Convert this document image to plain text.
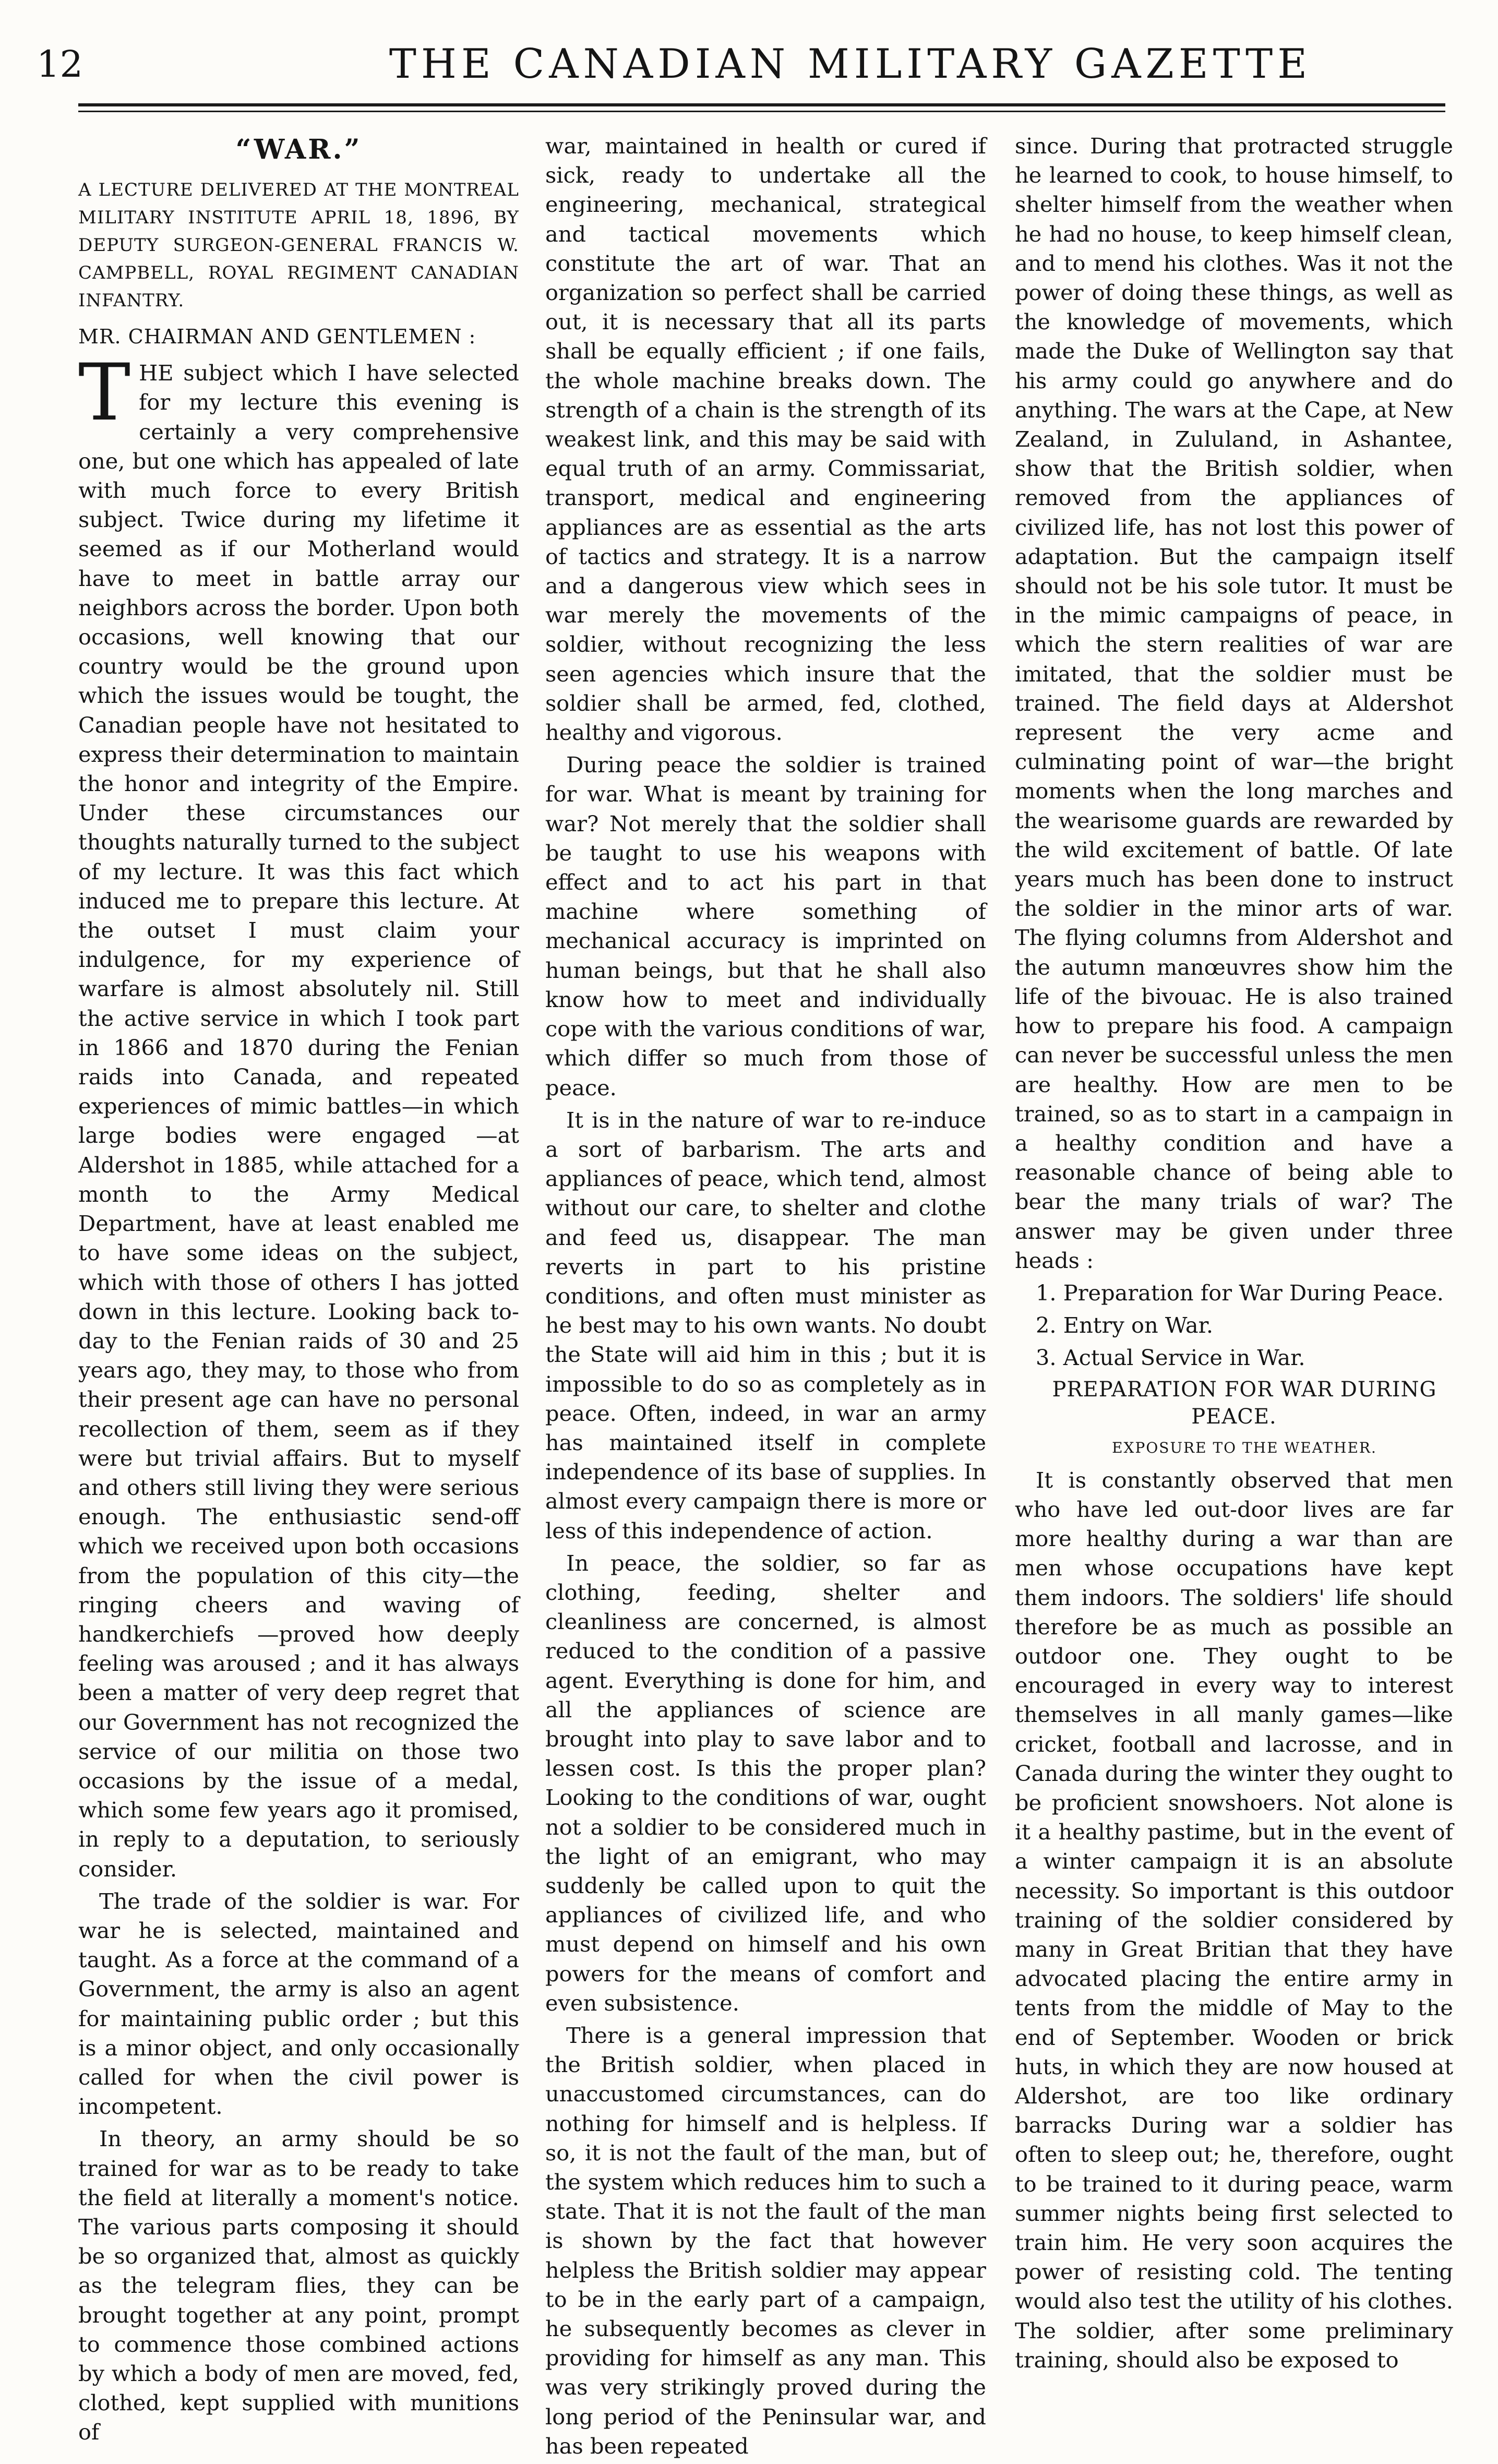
12	THE CANADIAN MILITARY GAZETTE
“WAR.”

A LECTURE DELIVERED AT THE MONTREAL MILITARY INSTITUTE APRIL 18, 1896, BY DEPUTY SURGEON-GENERAL FRANCIS W. CAMPBELL, ROYAL REGIMENT CANADIAN INFANTRY.

MR. CHAIRMAN AND GENTLEMEN :

THE subject which I have selected for my lecture this evening is certainly a very comprehensive one, but one which has appealed of late with much force to every British subject. Twice during my lifetime it seemed as if our Motherland would have to meet in battle array our neighbors across the border. Upon both occasions, well knowing that our country would be the ground upon which the issues would be tought, the Canadian people have not hesitated to express their determination to maintain the honor and integrity of the Empire. Under these circumstances our thoughts naturally turned to the subject of my lecture. It was this fact which induced me to prepare this lecture. At the outset I must claim your indulgence, for my experience of warfare is almost absolutely nil. Still the active service in which I took part in 1866 and 1870 during the Fenian raids into Canada, and repeated experiences of mimic battles—in which large bodies were engaged —at Aldershot in 1885, while attached for a month to the Army Medical Department, have at least enabled me to have some ideas on the subject, which with those of others I has jotted down in this lecture. Looking back to-day to the Fenian raids of 30 and 25 years ago, they may, to those who from their present age can have no personal recollection of them, seem as if they were but trivial affairs. But to myself and others still living they were serious enough. The enthusiastic send-off which we received upon both occasions from the population of this city—the ringing cheers and waving of handkerchiefs —proved how deeply feeling was aroused ; and it has always been a matter of very deep regret that our Government has not recognized the service of our militia on those two occasions by the issue of a medal, which some few years ago it promised, in reply to a deputation, to seriously consider.

The trade of the soldier is war. For war he is selected, maintained and taught. As a force at the command of a Government, the army is also an agent for maintaining public order ; but this is a minor object, and only occasionally called for when the civil power is incompetent.

In theory, an army should be so trained for war as to be ready to take the field at literally a moment's notice. The various parts composing it should be so organized that, almost as quickly as the telegram flies, they can be brought together at any point, prompt to commence those combined actions by which a body of men are moved, fed, clothed, kept supplied with munitions of

war, maintained in health or cured if sick, ready to undertake all the engineering, mechanical, strategical and tactical movements which constitute the art of war. That an organization so perfect shall be carried out, it is necessary that all its parts shall be equally efficient ; if one fails, the whole machine breaks down. The strength of a chain is the strength of its weakest link, and this may be said with equal truth of an army. Commissariat, transport, medical and engineering appliances are as essential as the arts of tactics and strategy. It is a narrow and a dangerous view which sees in war merely the movements of the soldier, without recognizing the less seen agencies which insure that the soldier shall be armed, fed, clothed, healthy and vigorous.

During peace the soldier is trained for war. What is meant by training for war? Not merely that the soldier shall be taught to use his weapons with effect and to act his part in that machine where something of mechanical accuracy is imprinted on human beings, but that he shall also know how to meet and individually cope with the various conditions of war, which differ so much from those of peace.

It is in the nature of war to re-induce a sort of barbarism. The arts and appliances of peace, which tend, almost without our care, to shelter and clothe and feed us, disappear. The man reverts in part to his pristine conditions, and often must minister as he best may to his own wants. No doubt the State will aid him in this ; but it is impossible to do so as completely as in peace. Often, indeed, in war an army has maintained itself in complete independence of its base of supplies. In almost every campaign there is more or less of this independence of action.

In peace, the soldier, so far as clothing, feeding, shelter and cleanliness are concerned, is almost reduced to the condition of a passive agent. Everything is done for him, and all the appliances of science are brought into play to save labor and to lessen cost. Is this the proper plan? Looking to the conditions of war, ought not a soldier to be considered much in the light of an emigrant, who may suddenly be called upon to quit the appliances of civilized life, and who must depend on himself and his own powers for the means of comfort and even subsistence.

There is a general impression that the British soldier, when placed in unaccustomed circumstances, can do nothing for himself and is helpless. If so, it is not the fault of the man, but of the system which reduces him to such a state. That it is not the fault of the man is shown by the fact that however helpless the British soldier may appear to be in the early part of a campaign, he subsequently becomes as clever in providing for himself as any man. This was very strikingly proved during the long period of the Peninsular war, and has been repeated

since. During that protracted struggle he learned to cook, to house himself, to shelter himself from the weather when he had no house, to keep himself clean, and to mend his clothes. Was it not the power of doing these things, as well as the knowledge of movements, which made the Duke of Wellington say that his army could go anywhere and do anything. The wars at the Cape, at New Zealand, in Zululand, in Ashantee, show that the British soldier, when removed from the appliances of civilized life, has not lost this power of adaptation. But the campaign itself should not be his sole tutor. It must be in the mimic campaigns of peace, in which the stern realities of war are imitated, that the soldier must be trained. The field days at Aldershot represent the very acme and culminating point of war—the bright moments when the long marches and the wearisome guards are rewarded by the wild excitement of battle. Of late years much has been done to instruct the soldier in the minor arts of war. The flying columns from Aldershot and the autumn manœuvres show him the life of the bivouac. He is also trained how to prepare his food. A campaign can never be successful unless the men are healthy. How are men to be trained, so as to start in a campaign in a healthy condition and have a reasonable chance of being able to bear the many trials of war? The answer may be given under three heads :

1. Preparation for War During Peace.

2. Entry on War.

3. Actual Service in War.

PREPARATION FOR WAR DURING PEACE.

EXPOSURE TO THE WEATHER.

It is constantly observed that men who have led out-door lives are far more healthy during a war than are men whose occupations have kept them indoors. The soldiers' life should therefore be as much as possible an outdoor one. They ought to be encouraged in every way to interest themselves in all manly games—like cricket, football and lacrosse, and in Canada during the winter they ought to be proficient snowshoers. Not alone is it a healthy pastime, but in the event of a winter campaign it is an absolute necessity. So important is this outdoor training of the soldier considered by many in Great Britian that they have advocated placing the entire army in tents from the middle of May to the end of September. Wooden or brick huts, in which they are now housed at Aldershot, are too like ordinary barracks During war a soldier has often to sleep out; he, therefore, ought to be trained to it during peace, warm summer nights being first selected to train him. He very soon acquires the power of resisting cold. The tenting would also test the utility of his clothes. The soldier, after some preliminary training, should also be exposed to
